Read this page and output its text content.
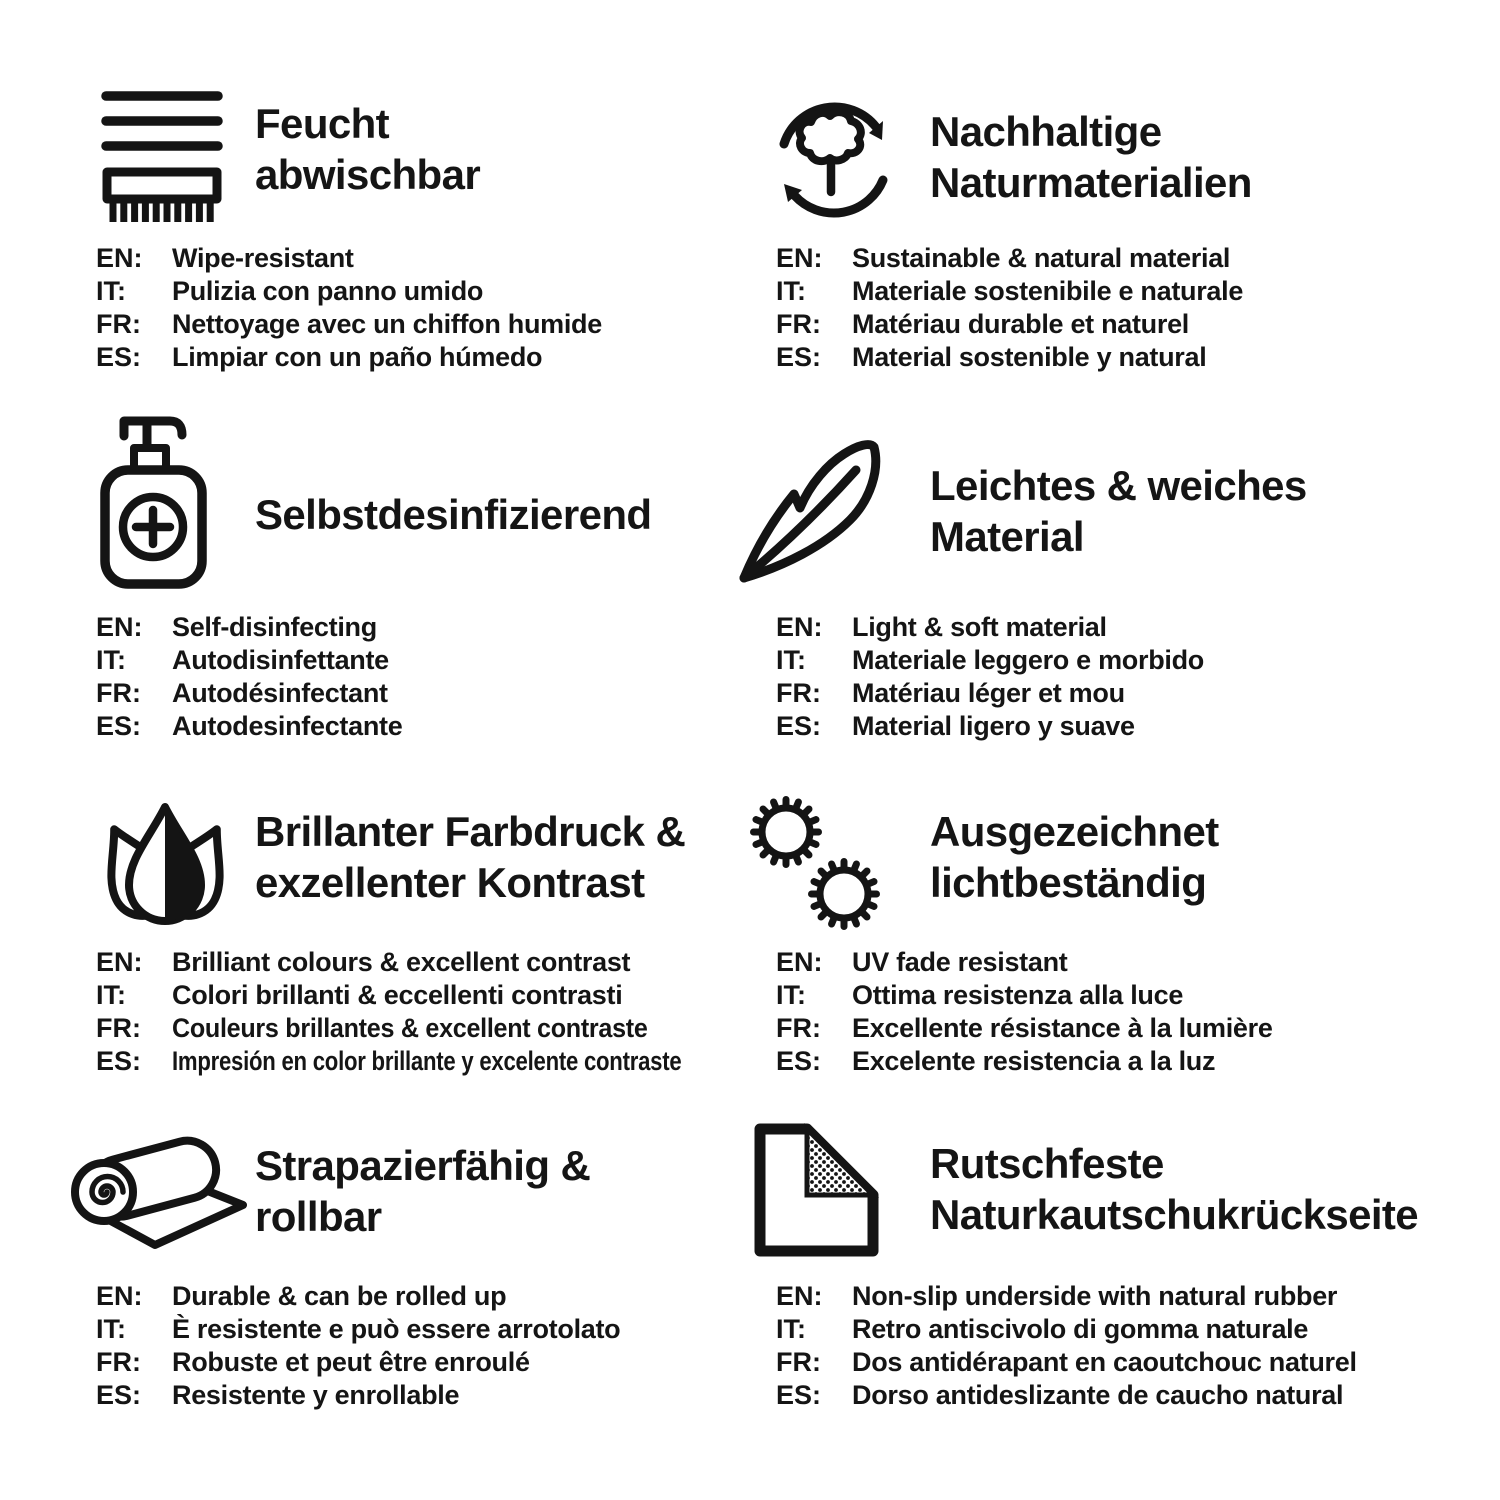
Feucht
abwischbar
EN:	Wipe-resistant
IT:	Pulizia con panno umido
FR:	Nettoyage avec un chiffon humide
ES:	Limpiar con un paño húmedo
Nachhaltige
Naturmaterialien
EN:	Sustainable & natural material
IT:	Materiale sostenibile e naturale
FR:	Matériau durable et naturel
ES:	Material sostenible y natural
Selbstdesinfizierend
EN:	Self-disinfecting
IT:	Autodisinfettante
FR:	Autodésinfectant
ES:	Autodesinfectante
Leichtes & weiches
Material
EN:	Light & soft material
IT:	Materiale leggero e morbido
FR:	Matériau léger et mou
ES:	Material ligero y suave
Brillanter Farbdruck &
exzellenter Kontrast
EN:	Brilliant colours & excellent contrast
IT:	Colori brillanti & eccellenti contrasti
FR:	Couleurs brillantes & excellent contraste
ES:	Impresión en color brillante y excelente contraste
Ausgezeichnet
lichtbeständig
EN:	UV fade resistant
IT:	Ottima resistenza alla luce
FR:	Excellente résistance à la lumière
ES:	Excelente resistencia a la luz
Strapazierfähig &
rollbar
EN:	Durable & can be rolled up
IT:	È resistente e può essere arrotolato
FR:	Robuste et peut être enroulé
ES:	Resistente y enrollable
Rutschfeste
Naturkautschukrückseite
EN:	Non-slip underside with natural rubber
IT:	Retro antiscivolo di gomma naturale
FR:	Dos antidérapant en caoutchouc naturel
ES:	Dorso antideslizante de caucho natural
